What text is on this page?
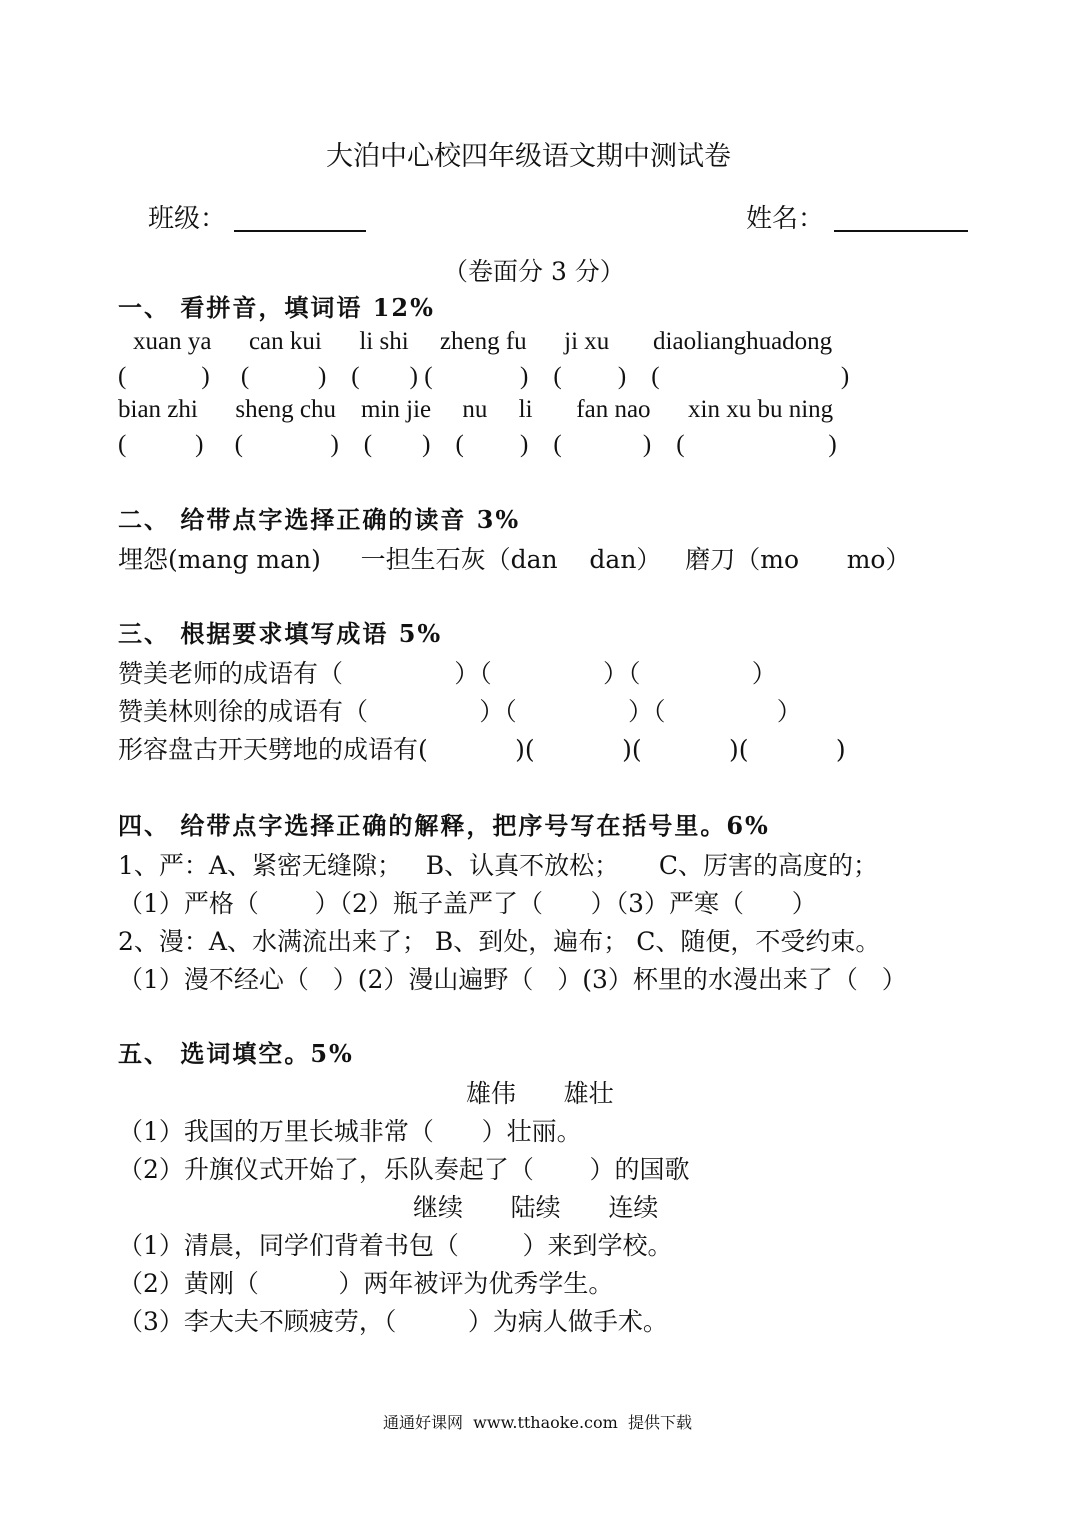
大泊中心校四年级语文期中测试卷
班级：	姓名：
（卷面分 3 分）
一、 看拼音，填词语 12%
xuan ya      can kui      li shi     zheng fu      ji xu       diaolianghuadong
(            )     (           )    (        ) (              )    (         )    (                             )
bian zhi      sheng chu    min jie     nu     li       fan nao      xin xu bu ning
(           )     (              )    (        )    (         )    (             )    (                       )
二、 给带点字选择正确的读音 3%
埋怨(mang man)     一担生石灰（dan    dan）   磨刀（mo      mo）
三、 根据要求填写成语 5%
赞美老师的成语有（              ）（              ）（              ）
赞美林则徐的成语有（              ）（              ）（              ）
形容盘古开天劈地的成语有(           )(           )(           )(           )
四、 给带点字选择正确的解释，把序号写在括号里。6%
1、严：A、紧密无缝隙；   B、认真不放松；     C、厉害的高度的；
（1）严格（       ）（2）瓶子盖严了（      ）（3）严寒（      ）
2、漫：A、水满流出来了； B、到处，遍布； C、随便，不受约束。
（1）漫不经心（   ）(2）漫山遍野（   ）(3）杯里的水漫出来了（   ）
五、 选词填空。5%
雄伟      雄壮
（1）我国的万里长城非常（      ）壮丽。
（2）升旗仪式开始了，乐队奏起了（       ）的国歌
继续      陆续      连续
（1）清晨，同学们背着书包（        ）来到学校。
（2）黄刚（          ）两年被评为优秀学生。
（3）李大夫不顾疲劳，（         ）为病人做手术。
通通好课网  www.tthaoke.com  提供下载
